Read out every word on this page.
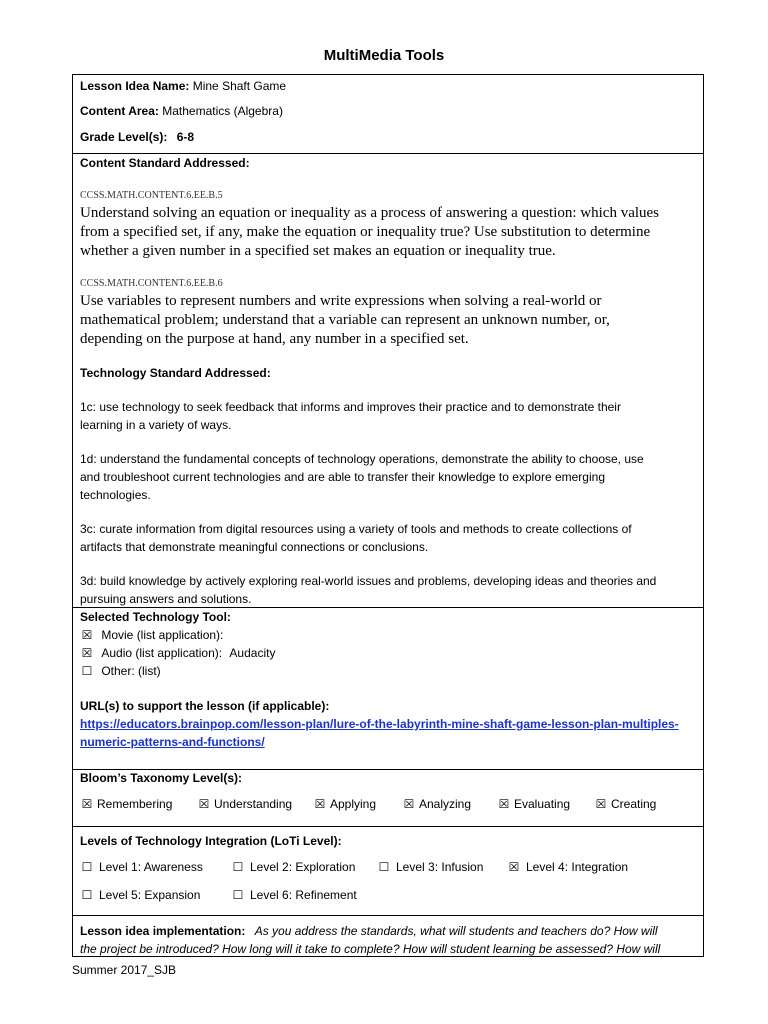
MultiMedia Tools
Lesson Idea Name: Mine Shaft Game
Content Area: Mathematics (Algebra)
Grade Level(s): 6-8
Content Standard Addressed:
CCSS.MATH.CONTENT.6.EE.B.5
Understand solving an equation or inequality as a process of answering a question: which values
from a specified set, if any, make the equation or inequality true? Use substitution to determine
whether a given number in a specified set makes an equation or inequality true.
CCSS.MATH.CONTENT.6.EE.B.6
Use variables to represent numbers and write expressions when solving a real-world or
mathematical problem; understand that a variable can represent an unknown number, or,
depending on the purpose at hand, any number in a specified set.
Technology Standard Addressed:
1c: use technology to seek feedback that informs and improves their practice and to demonstrate their
learning in a variety of ways.
1d: understand the fundamental concepts of technology operations, demonstrate the ability to choose, use
and troubleshoot current technologies and are able to transfer their knowledge to explore emerging
technologies.
3c: curate information from digital resources using a variety of tools and methods to create collections of
artifacts that demonstrate meaningful connections or conclusions.
3d: build knowledge by actively exploring real-world issues and problems, developing ideas and theories and
pursuing answers and solutions.
Selected Technology Tool:
☒ Movie (list application):
☒ Audio (list application): Audacity
☐ Other: (list)
URL(s) to support the lesson (if applicable):
https://educators.brainpop.com/lesson-plan/lure-of-the-labyrinth-mine-shaft-game-lesson-plan-multiples-
numeric-patterns-and-functions/
Bloom’s Taxonomy Level(s):
☒ Remembering ☒ Understanding ☒ Applying ☒ Analyzing ☒ Evaluating ☒ Creating
Levels of Technology Integration (LoTi Level):
☐ Level 1: Awareness ☐ Level 2: Exploration ☐ Level 3: Infusion ☒ Level 4: Integration
☐ Level 5: Expansion	☐ Level 6: Refinement
Lesson idea implementation: As you address the standards, what will students and teachers do? How will
the project be introduced? How long will it take to complete? How will student learning be assessed? How will
Summer 2017_SJB
